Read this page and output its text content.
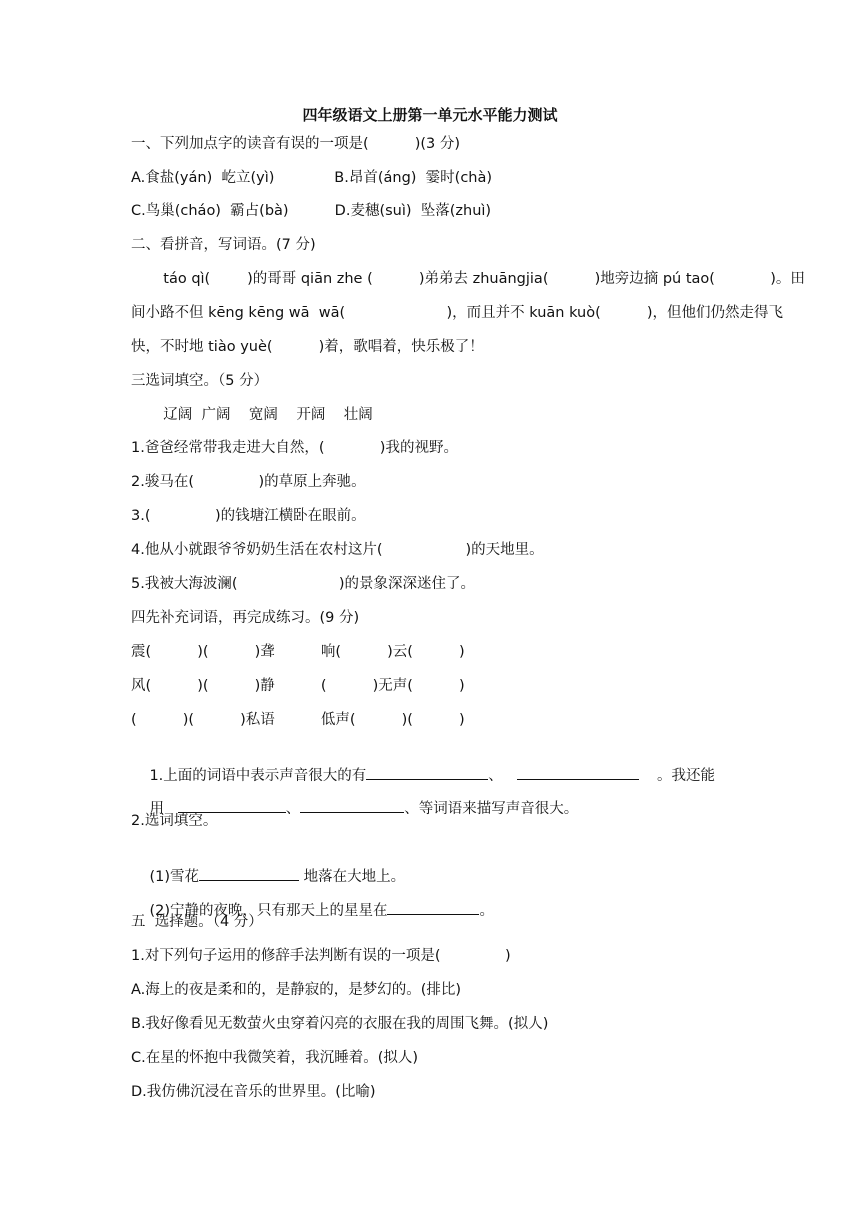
四年级语文上册第一单元水平能力测试
一、下列加点字的读音有误的一项是(          )(3 分)
A.食盐(yán)  屹立(yì)             B.昂首(áng)  霎时(chà)
C.鸟巢(cháo)  霸占(bà)          D.麦穗(suì)  坠落(zhuì)
二、看拼音，写词语。(7 分)
táo qì(        )的哥哥 qiān zhe (          )弟弟去 zhuāngjia(          )地旁边摘 pú tao(            )。田
间小路不但 kēng kēng wā  wā(                      )，而且并不 kuān kuò(          )，但他们仍然走得飞
快，不时地 tiào yuè(          )着，歌唱着，快乐极了！
三选词填空。（5 分）
辽阔  广阔    宽阔    开阔    壮阔
1.爸爸经常带我走进大自然，(            )我的视野。
2.骏马在(              )的草原上奔驰。
3.(              )的钱塘江横卧在眼前。
4.他从小就跟爷爷奶奶生活在农村这片(                  )的天地里。
5.我被大海波澜(                      )的景象深深迷住了。
四先补充词语，再完成练习。(9 分)
震(          )(          )聋          响(          )云(          )
风(          )(          )静          (          )无声(          )
(          )(          )私语          低声(          )(          )

1.上面的词语中表示声音很大的有	、	。我还能

用	、	、等词语来描写声音很大。

2.选词填空。

(1)雪花	地落在大地上。

(2)宁静的夜晚，只有那天上的星星在	。

五  选择题。（4 分）
1.对下列句子运用的修辞手法判断有误的一项是(              )
A.海上的夜是柔和的，是静寂的，是梦幻的。(排比)
B.我好像看见无数萤火虫穿着闪亮的衣服在我的周围飞舞。(拟人)
C.在星的怀抱中我微笑着，我沉睡着。(拟人)
D.我仿佛沉浸在音乐的世界里。(比喻)
